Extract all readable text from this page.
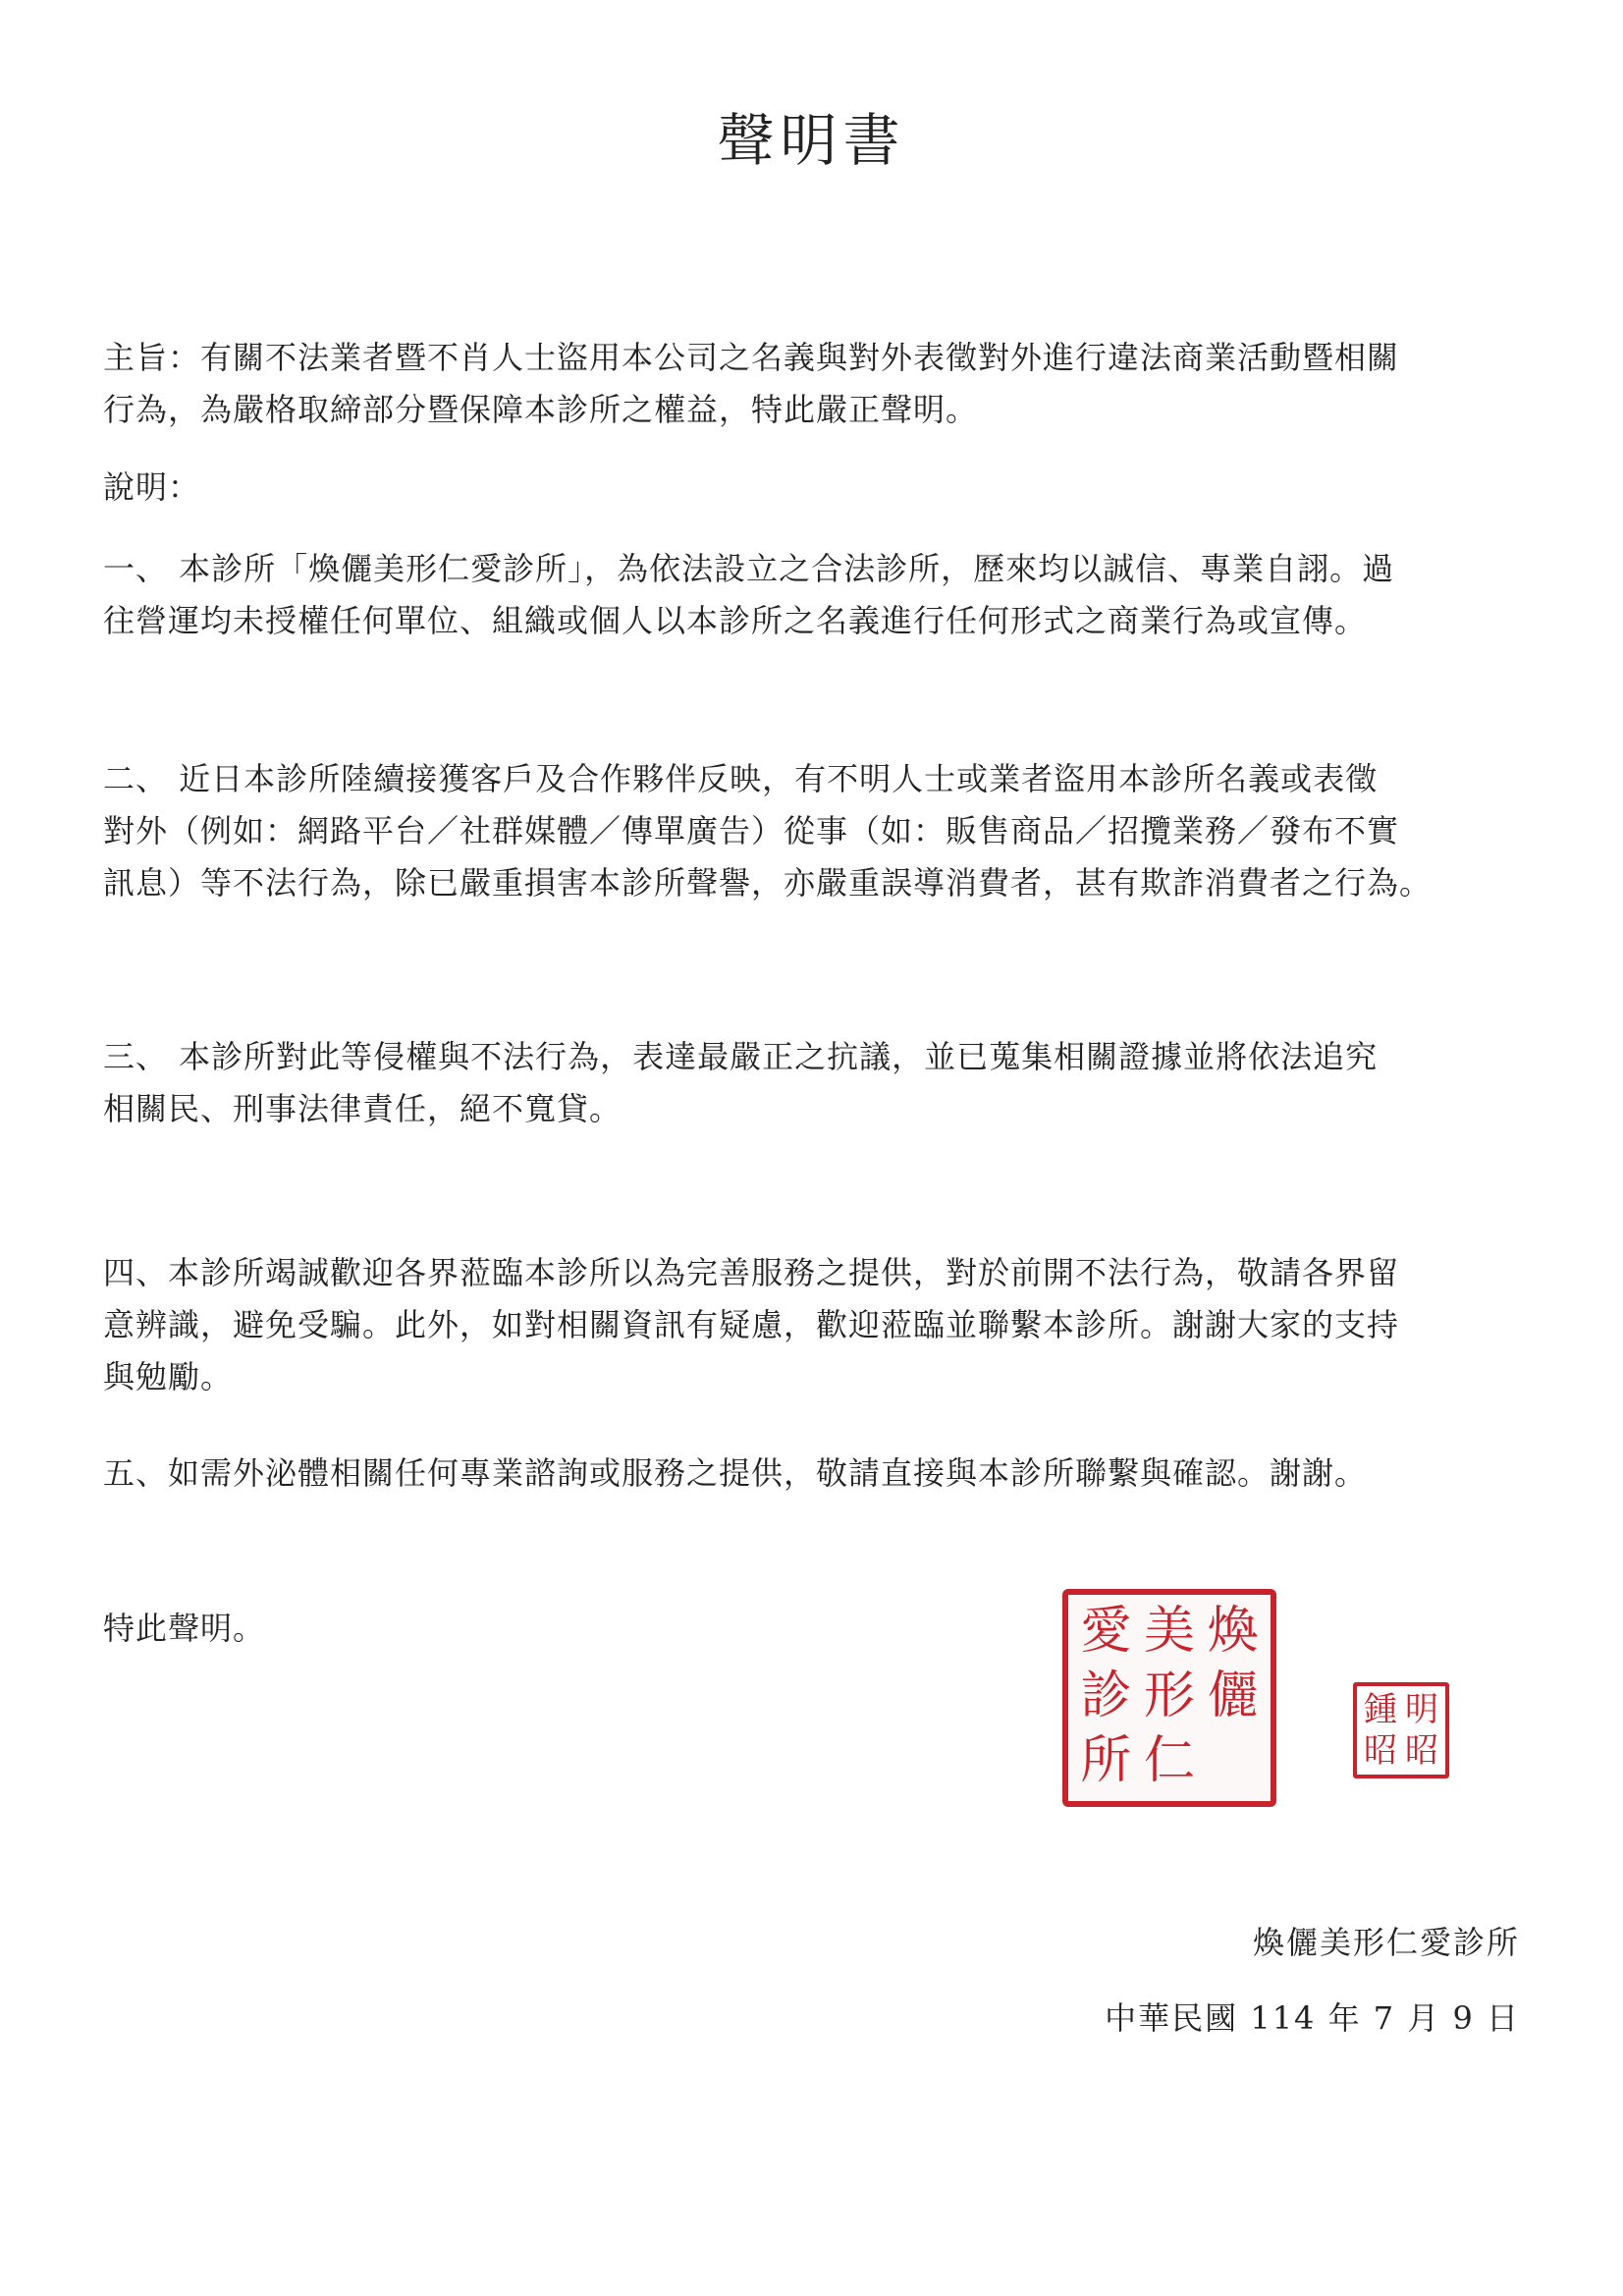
聲明書

主旨：有關不法業者暨不肖人士盜用本公司之名義與對外表徵對外進行違法商業活動暨相關
行為，為嚴格取締部分暨保障本診所之權益，特此嚴正聲明。

說明：

一、 本診所「煥儷美形仁愛診所」，為依法設立之合法診所，歷來均以誠信、專業自詡。過
往營運均未授權任何單位、組織或個人以本診所之名義進行任何形式之商業行為或宣傳。

二、 近日本診所陸續接獲客戶及合作夥伴反映，有不明人士或業者盜用本診所名義或表徵
對外（例如：網路平台／社群媒體／傳單廣告）從事（如：販售商品／招攬業務／發布不實
訊息）等不法行為，除已嚴重損害本診所聲譽，亦嚴重誤導消費者，甚有欺詐消費者之行為。

三、 本診所對此等侵權與不法行為，表達最嚴正之抗議，並已蒐集相關證據並將依法追究
相關民、刑事法律責任，絕不寬貸。

四、本診所竭誠歡迎各界蒞臨本診所以為完善服務之提供，對於前開不法行為，敬請各界留
意辨識，避免受騙。此外，如對相關資訊有疑慮，歡迎蒞臨並聯繫本診所。謝謝大家的支持
與勉勵。

五、如需外泌體相關任何專業諮詢或服務之提供，敬請直接與本診所聯繫與確認。謝謝。

特此聲明。	煥
儷
美
形
仁
愛
診
所
明
昭
鍾
昭
煥儷美形仁愛診所
中華民國 114 年 7 月 9 日
